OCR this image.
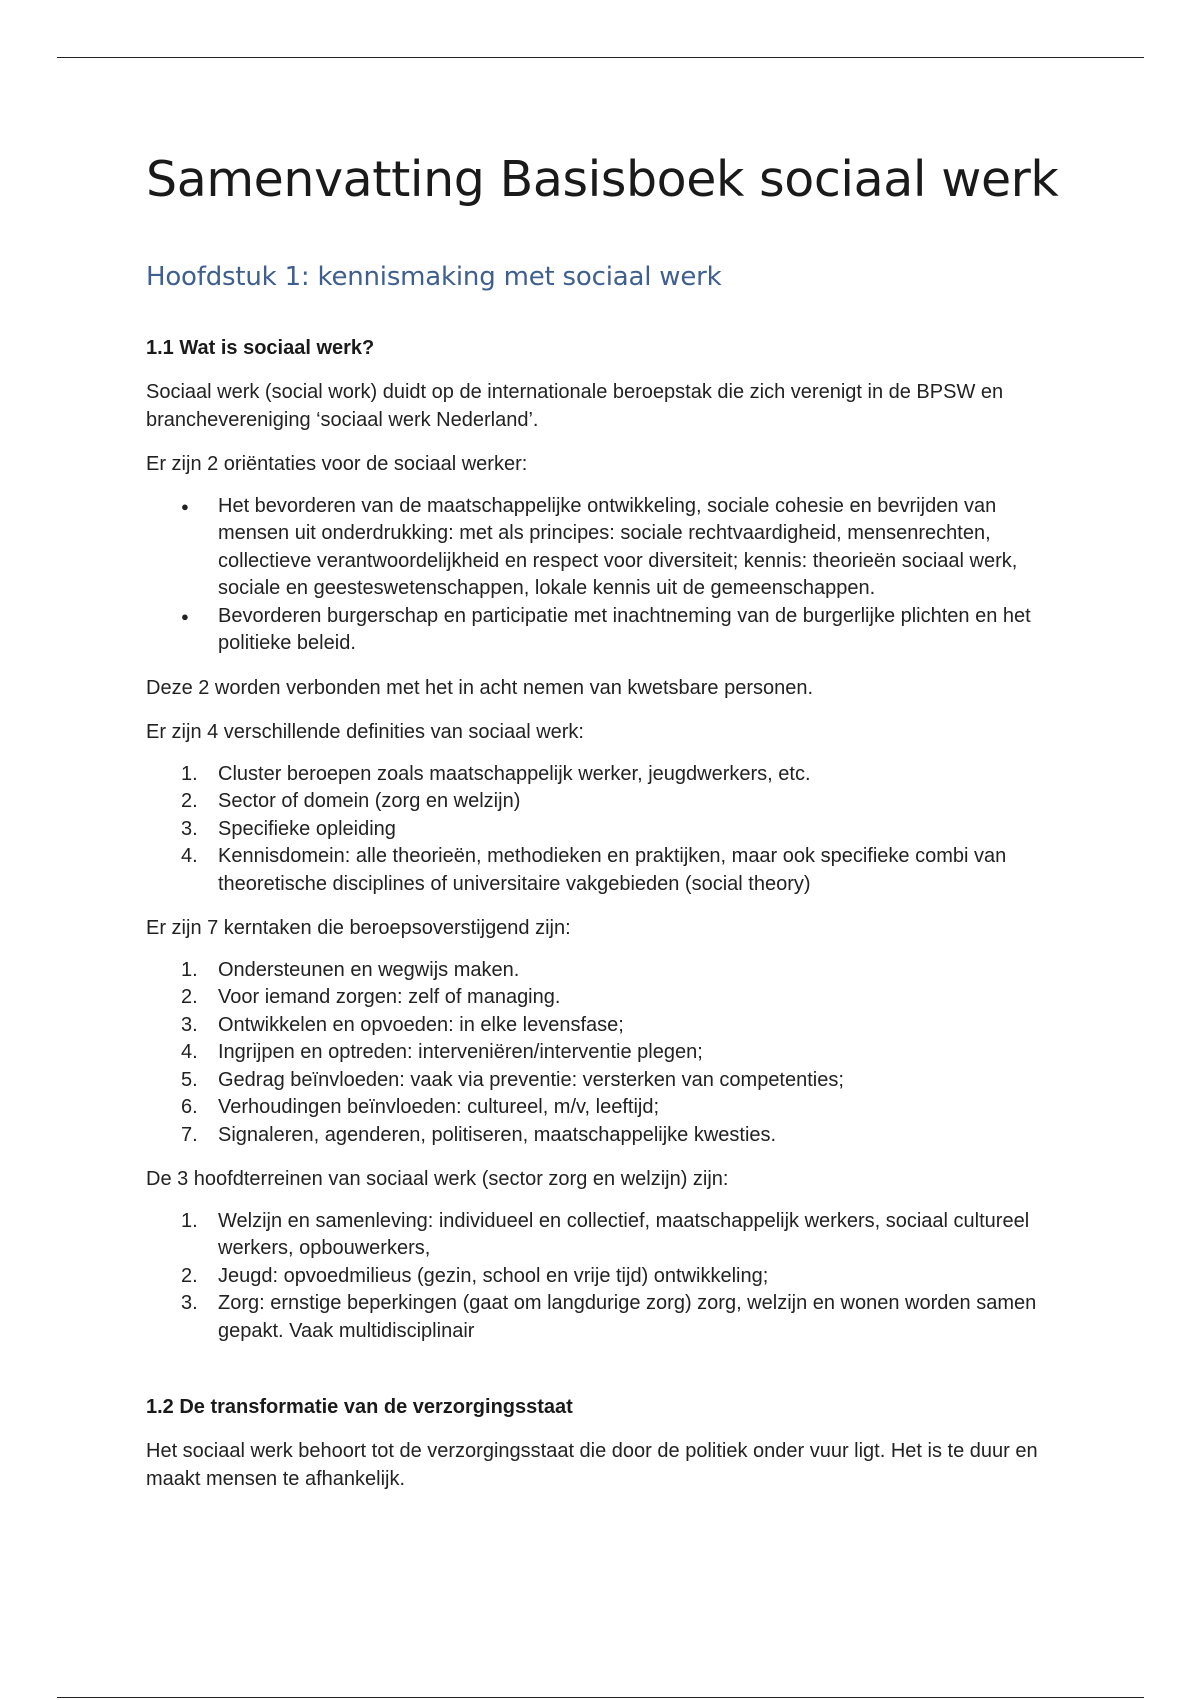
Samenvatting Basisboek sociaal werk
Hoofdstuk 1: kennismaking met sociaal werk
1.1 Wat is sociaal werk?

Sociaal werk (social work) duidt op de internationale beroepstak die zich verenigt in de BPSW en branchevereniging ‘sociaal werk Nederland’.

Er zijn 2 oriëntaties voor de sociaal werker:

● Het bevorderen van de maatschappelijke ontwikkeling, sociale cohesie en bevrijden van mensen uit onderdrukking: met als principes: sociale rechtvaardigheid, mensenrechten, collectieve verantwoordelijkheid en respect voor diversiteit; kennis: theorieën sociaal werk, sociale en geesteswetenschappen, lokale kennis uit de gemeenschappen.
● Bevorderen burgerschap en participatie met inachtneming van de burgerlijke plichten en het politieke beleid.

Deze 2 worden verbonden met het in acht nemen van kwetsbare personen.

Er zijn 4 verschillende definities van sociaal werk:

1. Cluster beroepen zoals maatschappelijk werker, jeugdwerkers, etc.
2. Sector of domein (zorg en welzijn)
3. Specifieke opleiding
4. Kennisdomein: alle theorieën, methodieken en praktijken, maar ook specifieke combi van theoretische disciplines of universitaire vakgebieden (social theory)

Er zijn 7 kerntaken die beroepsoverstijgend zijn:

1. Ondersteunen en wegwijs maken.
2. Voor iemand zorgen: zelf of managing.
3. Ontwikkelen en opvoeden: in elke levensfase;
4. Ingrijpen en optreden: interveniëren/interventie plegen;
5. Gedrag beïnvloeden: vaak via preventie: versterken van competenties;
6. Verhoudingen beïnvloeden: cultureel, m/v, leeftijd;
7. Signaleren, agenderen, politiseren, maatschappelijke kwesties.

De 3 hoofdterreinen van sociaal werk (sector zorg en welzijn) zijn:

1. Welzijn en samenleving: individueel en collectief, maatschappelijk werkers, sociaal cultureel werkers, opbouwerkers,
2. Jeugd: opvoedmilieus (gezin, school en vrije tijd) ontwikkeling;
3. Zorg: ernstige beperkingen (gaat om langdurige zorg) zorg, welzijn en wonen worden samen gepakt. Vaak multidisciplinair
1.2 De transformatie van de verzorgingsstaat

Het sociaal werk behoort tot de verzorgingsstaat die door de politiek onder vuur ligt. Het is te duur en maakt mensen te afhankelijk.
